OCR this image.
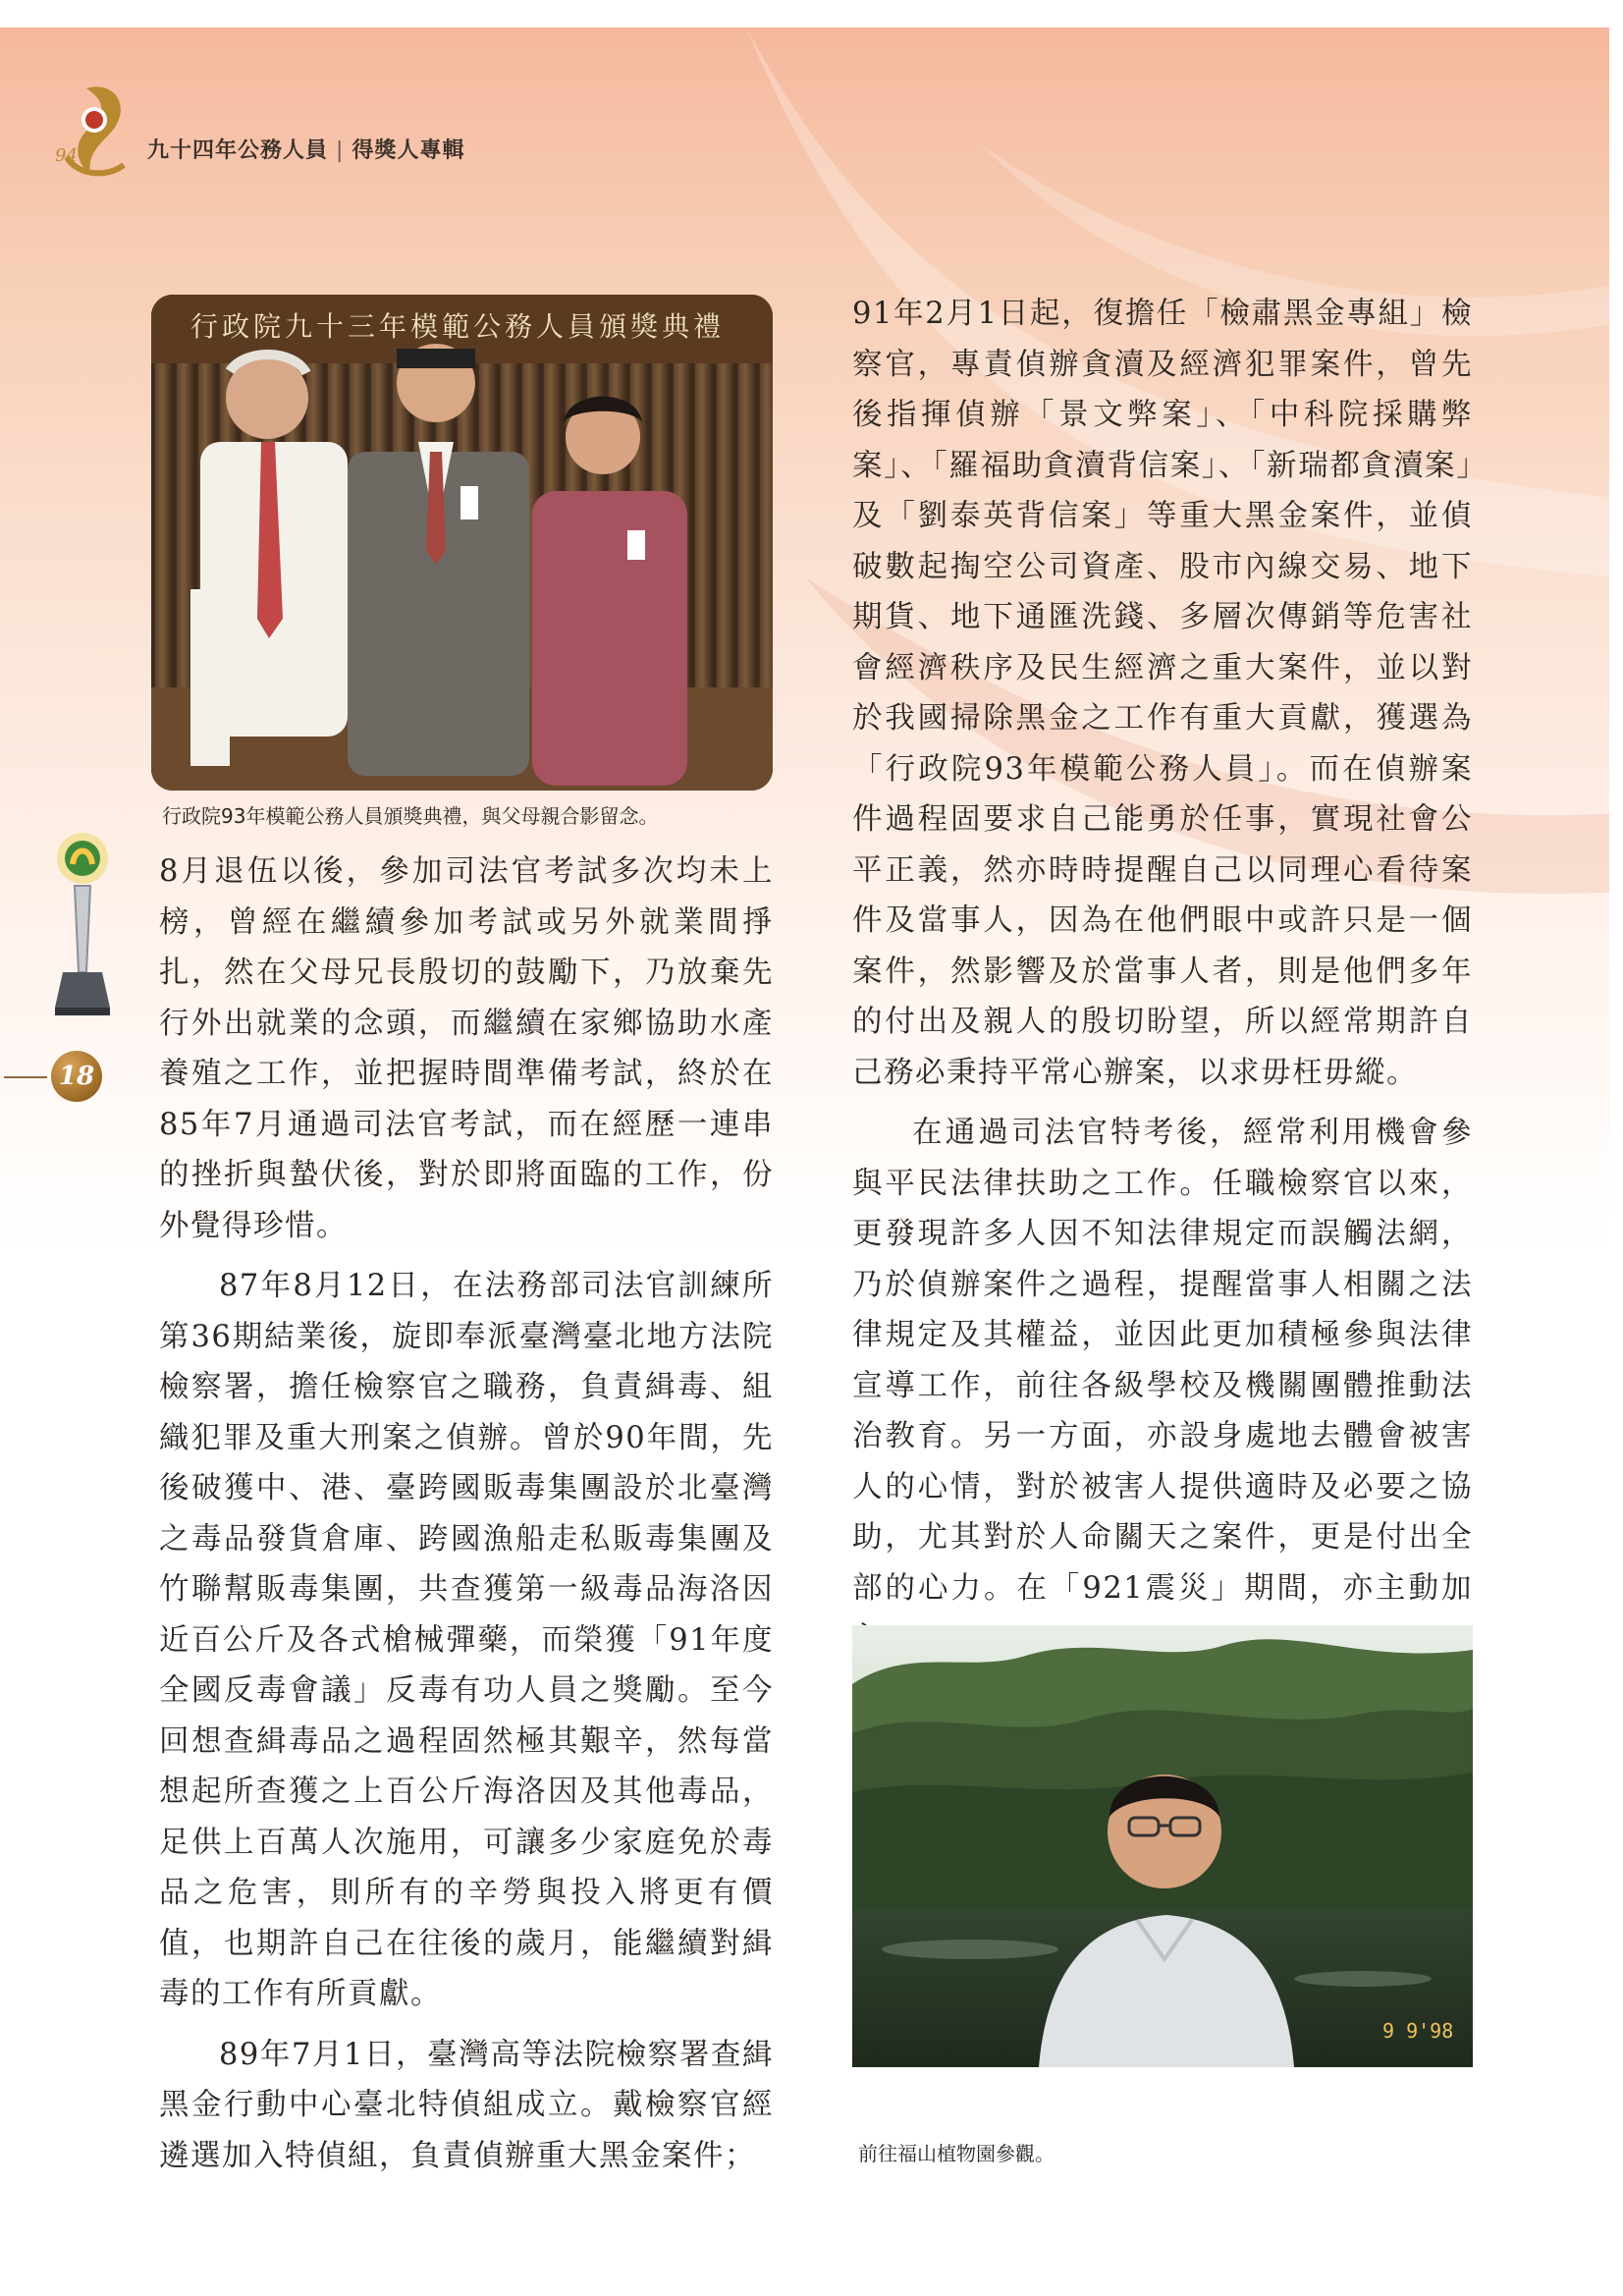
94	九十四年公務人員 | 得獎人專輯
行政院九十三年模範公務人員頒獎典禮
行政院93年模範公務人員頒獎典禮，與父母親合影留念。
18

8月退伍以後，參加司法官考試多次均未上榜，曾經在繼續參加考試或另外就業間掙扎，然在父母兄長殷切的鼓勵下，乃放棄先行外出就業的念頭，而繼續在家鄉協助水產養殖之工作，並把握時間準備考試，終於在85年7月通過司法官考試，而在經歷一連串的挫折與蟄伏後，對於即將面臨的工作，份外覺得珍惜。

87年8月12日，在法務部司法官訓練所第36期結業後，旋即奉派臺灣臺北地方法院檢察署，擔任檢察官之職務，負責緝毒、組織犯罪及重大刑案之偵辦。曾於90年間，先後破獲中、港、臺跨國販毒集團設於北臺灣之毒品發貨倉庫、跨國漁船走私販毒集團及竹聯幫販毒集團，共查獲第一級毒品海洛因近百公斤及各式槍械彈藥，而榮獲「91年度全國反毒會議」反毒有功人員之獎勵。至今回想查緝毒品之過程固然極其艱辛，然每當想起所查獲之上百公斤海洛因及其他毒品，足供上百萬人次施用，可讓多少家庭免於毒品之危害，則所有的辛勞與投入將更有價值，也期許自己在往後的歲月，能繼續對緝毒的工作有所貢獻。

89年7月1日，臺灣高等法院檢察署查緝黑金行動中心臺北特偵組成立。戴檢察官經遴選加入特偵組，負責偵辦重大黑金案件；

91年2月1日起，復擔任「檢肅黑金專組」檢察官，專責偵辦貪瀆及經濟犯罪案件，曾先後指揮偵辦「景文弊案」、「中科院採購弊案」、「羅福助貪瀆背信案」、「新瑞都貪瀆案」及「劉泰英背信案」等重大黑金案件，並偵破數起掏空公司資產、股市內線交易、地下期貨、地下通匯洗錢、多層次傳銷等危害社會經濟秩序及民生經濟之重大案件，並以對於我國掃除黑金之工作有重大貢獻，獲選為「行政院93年模範公務人員」。而在偵辦案件過程固要求自己能勇於任事，實現社會公平正義，然亦時時提醒自己以同理心看待案件及當事人，因為在他們眼中或許只是一個案件，然影響及於當事人者，則是他們多年的付出及親人的殷切盼望，所以經常期許自己務必秉持平常心辦案，以求毋枉毋縱。

在通過司法官特考後，經常利用機會參與平民法律扶助之工作。任職檢察官以來，更發現許多人因不知法律規定而誤觸法網，乃於偵辦案件之過程，提醒當事人相關之法律規定及其權益，並因此更加積極參與法律宣導工作，前往各級學校及機關團體推動法治教育。另一方面，亦設身處地去體會被害人的心情，對於被害人提供適時及必要之協助，尤其對於人命關天之案件，更是付出全部的心力。在「921震災」期間，亦主動加

9 9'98
前往福山植物園參觀。
